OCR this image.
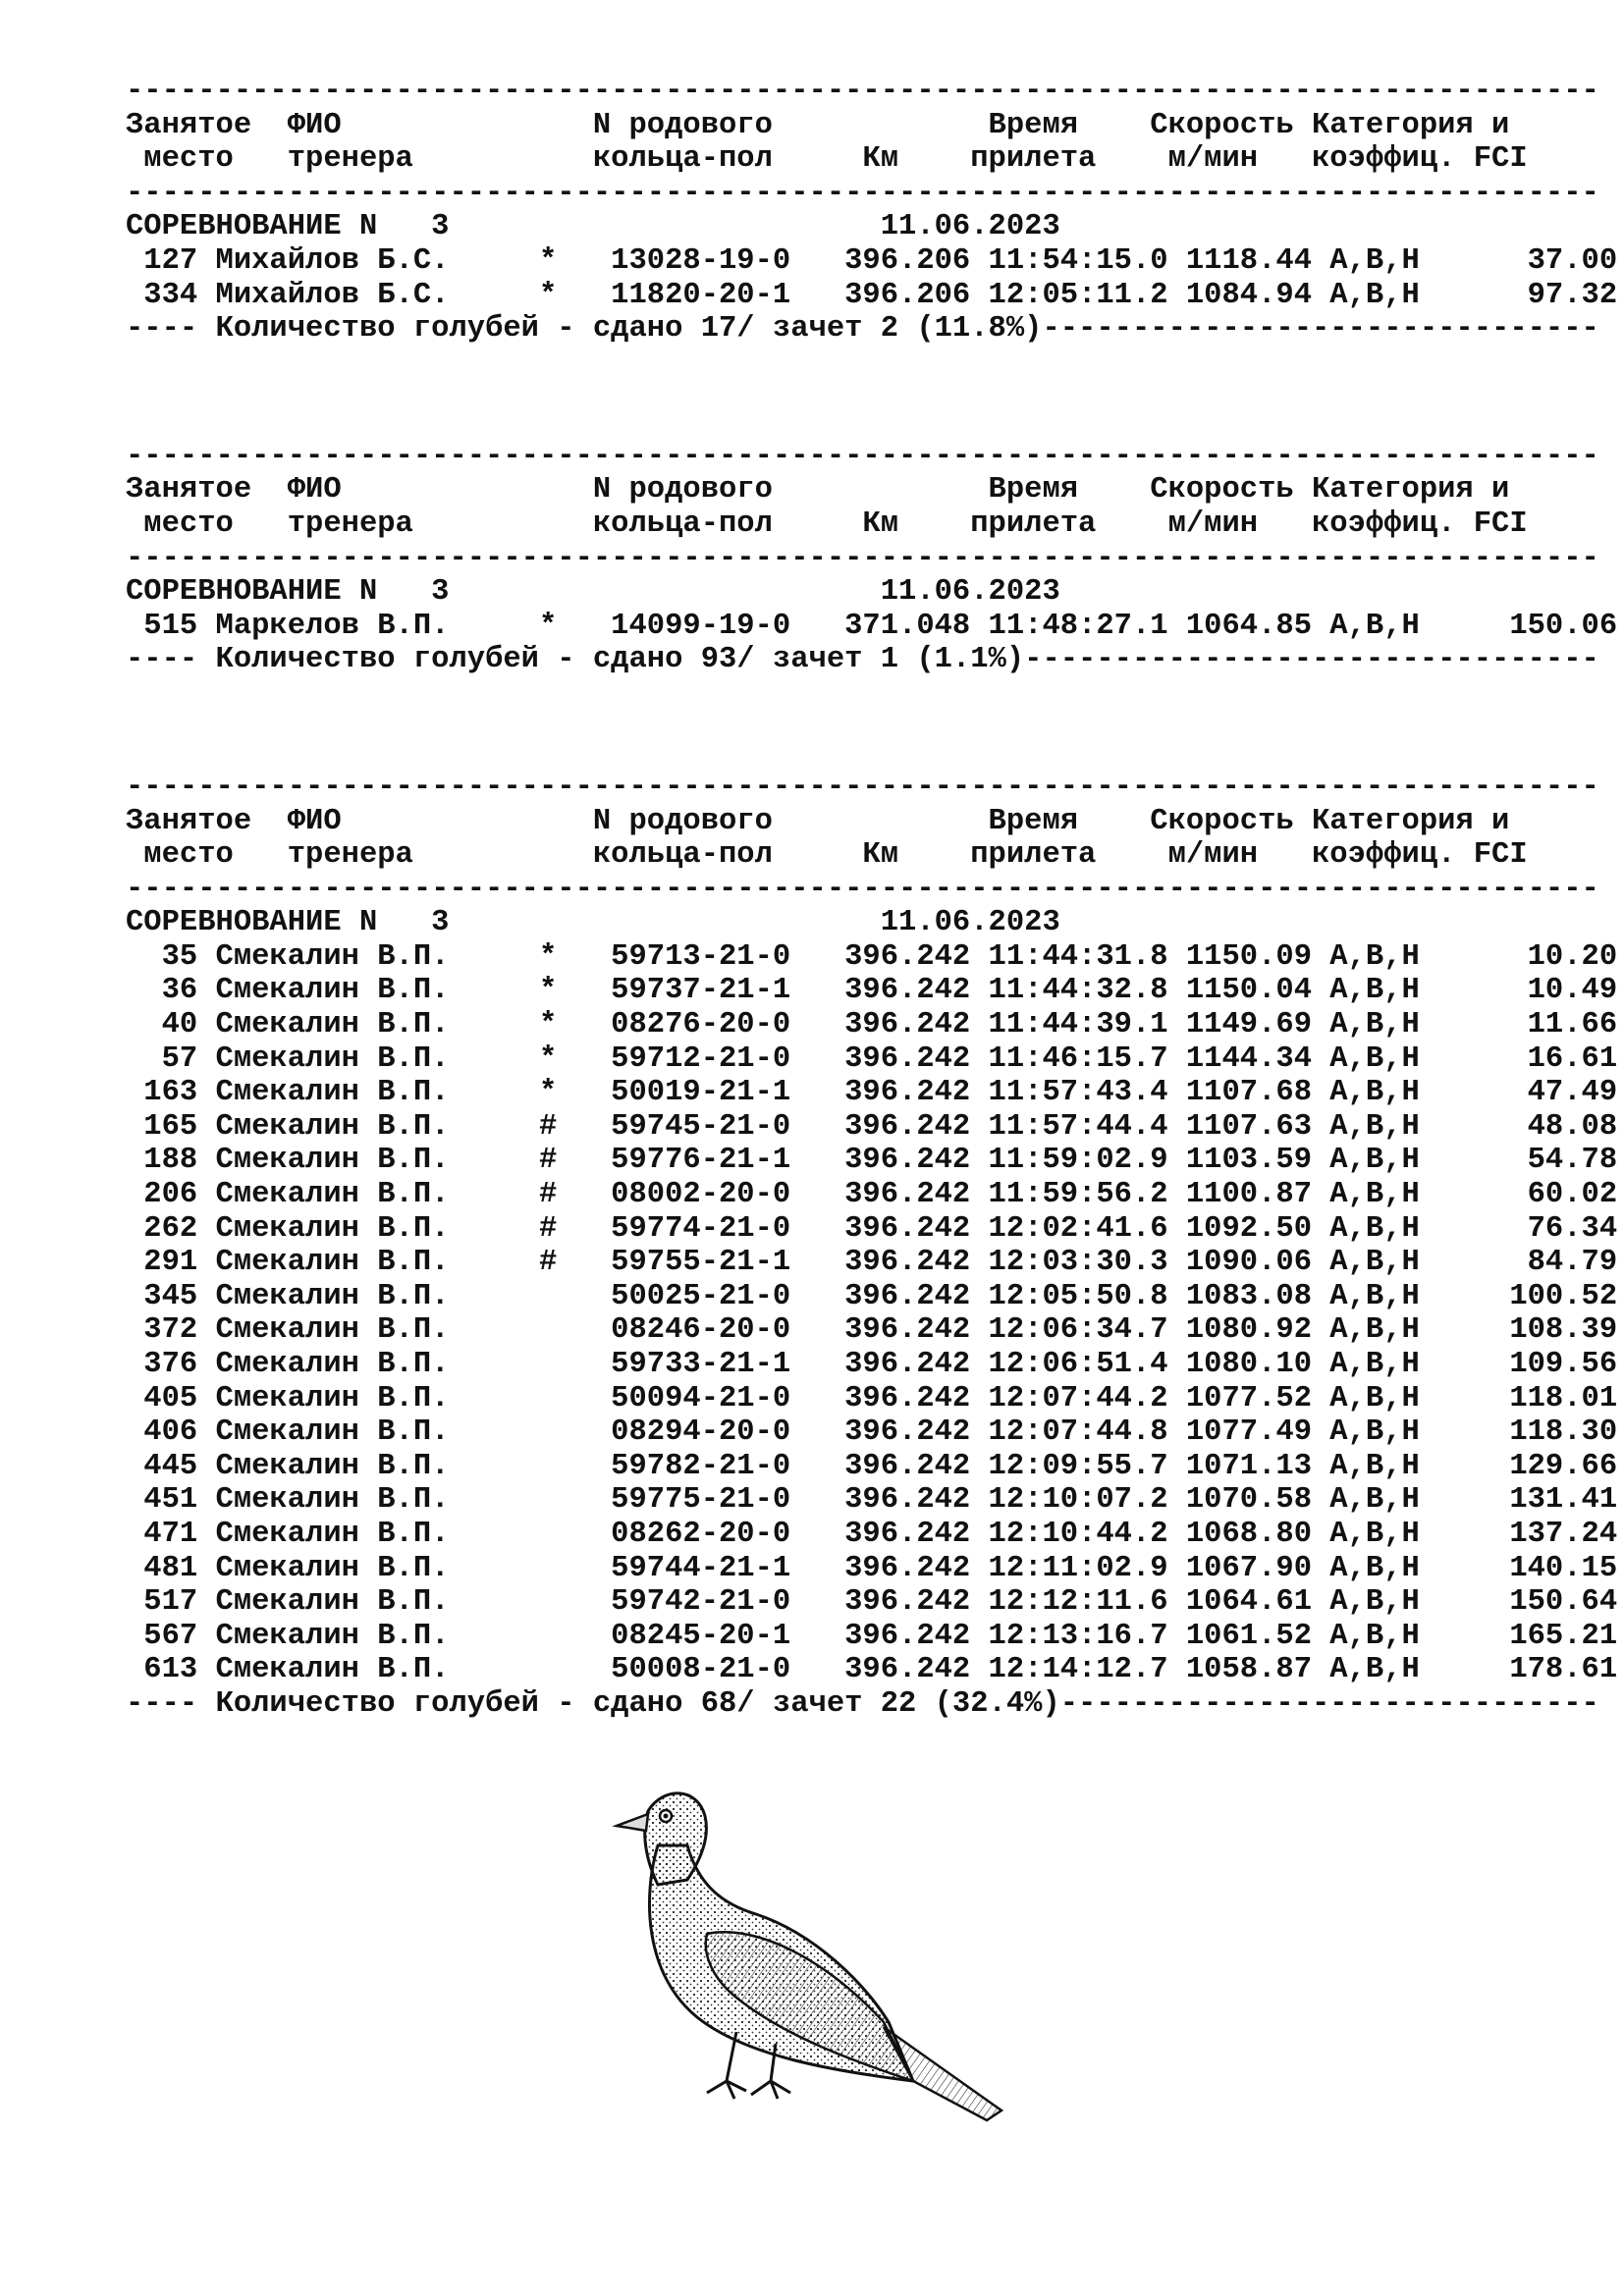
----------------------------------------------------------------------------------
Занятое  ФИО              N родового            Время    Скорость Категория и
место   тренера          кольца-пол     Км    прилета    м/мин   коэффиц. FCI
----------------------------------------------------------------------------------
СОРЕВНОВАНИЕ N   3                        11.06.2023
127 Михайлов Б.С.     *   13028-19-0   396.206 11:54:15.0 1118.44 А,В,Н      37.00
334 Михайлов Б.С.     *   11820-20-1   396.206 12:05:11.2 1084.94 А,В,Н      97.32
---- Количество голубей - сдано 17/ зачет 2 (11.8%)-------------------------------
----------------------------------------------------------------------------------
Занятое  ФИО              N родового            Время    Скорость Категория и
место   тренера          кольца-пол     Км    прилета    м/мин   коэффиц. FCI
----------------------------------------------------------------------------------
СОРЕВНОВАНИЕ N   3                        11.06.2023
515 Маркелов В.П.     *   14099-19-0   371.048 11:48:27.1 1064.85 А,В,Н     150.06
---- Количество голубей - сдано 93/ зачет 1 (1.1%)--------------------------------
----------------------------------------------------------------------------------
Занятое  ФИО              N родового            Время    Скорость Категория и
место   тренера          кольца-пол     Км    прилета    м/мин   коэффиц. FCI
----------------------------------------------------------------------------------
СОРЕВНОВАНИЕ N   3                        11.06.2023
35 Смекалин В.П.     *   59713-21-0   396.242 11:44:31.8 1150.09 А,В,Н      10.20
36 Смекалин В.П.     *   59737-21-1   396.242 11:44:32.8 1150.04 А,В,Н      10.49
40 Смекалин В.П.     *   08276-20-0   396.242 11:44:39.1 1149.69 А,В,Н      11.66
57 Смекалин В.П.     *   59712-21-0   396.242 11:46:15.7 1144.34 А,В,Н      16.61
163 Смекалин В.П.     *   50019-21-1   396.242 11:57:43.4 1107.68 А,В,Н      47.49
165 Смекалин В.П.     #   59745-21-0   396.242 11:57:44.4 1107.63 А,В,Н      48.08
188 Смекалин В.П.     #   59776-21-1   396.242 11:59:02.9 1103.59 А,В,Н      54.78
206 Смекалин В.П.     #   08002-20-0   396.242 11:59:56.2 1100.87 А,В,Н      60.02
262 Смекалин В.П.     #   59774-21-0   396.242 12:02:41.6 1092.50 А,В,Н      76.34
291 Смекалин В.П.     #   59755-21-1   396.242 12:03:30.3 1090.06 А,В,Н      84.79
345 Смекалин В.П.         50025-21-0   396.242 12:05:50.8 1083.08 А,В,Н     100.52
372 Смекалин В.П.         08246-20-0   396.242 12:06:34.7 1080.92 А,В,Н     108.39
376 Смекалин В.П.         59733-21-1   396.242 12:06:51.4 1080.10 А,В,Н     109.56
405 Смекалин В.П.         50094-21-0   396.242 12:07:44.2 1077.52 А,В,Н     118.01
406 Смекалин В.П.         08294-20-0   396.242 12:07:44.8 1077.49 А,В,Н     118.30
445 Смекалин В.П.         59782-21-0   396.242 12:09:55.7 1071.13 А,В,Н     129.66
451 Смекалин В.П.         59775-21-0   396.242 12:10:07.2 1070.58 А,В,Н     131.41
471 Смекалин В.П.         08262-20-0   396.242 12:10:44.2 1068.80 А,В,Н     137.24
481 Смекалин В.П.         59744-21-1   396.242 12:11:02.9 1067.90 А,В,Н     140.15
517 Смекалин В.П.         59742-21-0   396.242 12:12:11.6 1064.61 А,В,Н     150.64
567 Смекалин В.П.         08245-20-1   396.242 12:13:16.7 1061.52 А,В,Н     165.21
613 Смекалин В.П.         50008-21-0   396.242 12:14:12.7 1058.87 А,В,Н     178.61
---- Количество голубей - сдано 68/ зачет 22 (32.4%)------------------------------
